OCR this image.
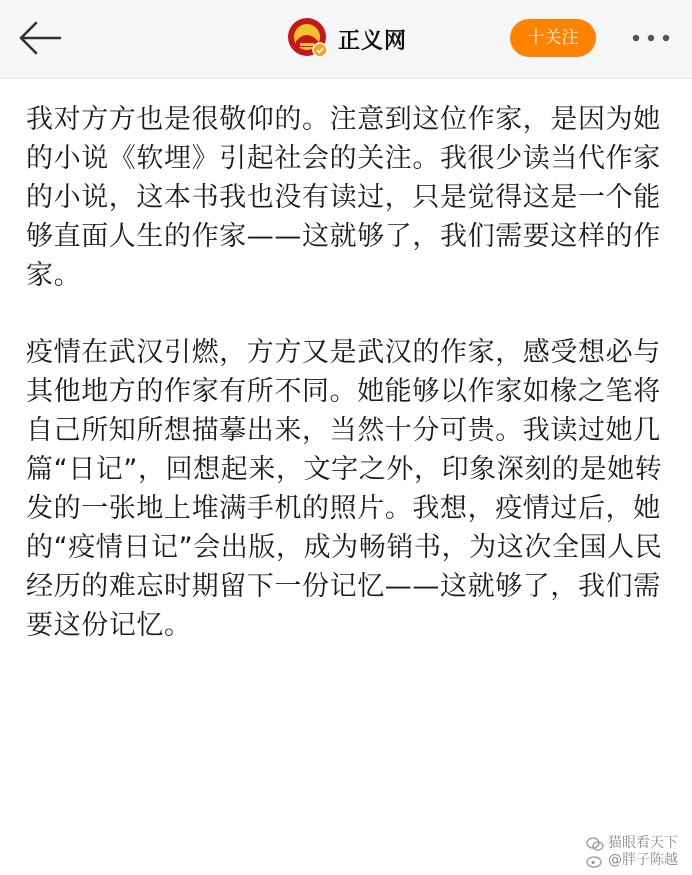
正义网	十关注

我对方方也是很敬仰的。注意到这位作家，是因为她的小说《软埋》引起社会的关注。我很少读当代作家的小说，这本书我也没有读过，只是觉得这是一个能够直面人生的作家——这就够了，我们需要这样的作家。

疫情在武汉引燃，方方又是武汉的作家，感受想必与其他地方的作家有所不同。她能够以作家如椽之笔将自己所知所想描摹出来，当然十分可贵。我读过她几篇“日记”，回想起来，文字之外，印象深刻的是她转发的一张地上堆满手机的照片。我想，疫情过后，她的“疫情日记”会出版，成为畅销书，为这次全国人民经历的难忘时期留下一份记忆——这就够了，我们需要这份记忆。

猫眼看天下
@胖子陈越
